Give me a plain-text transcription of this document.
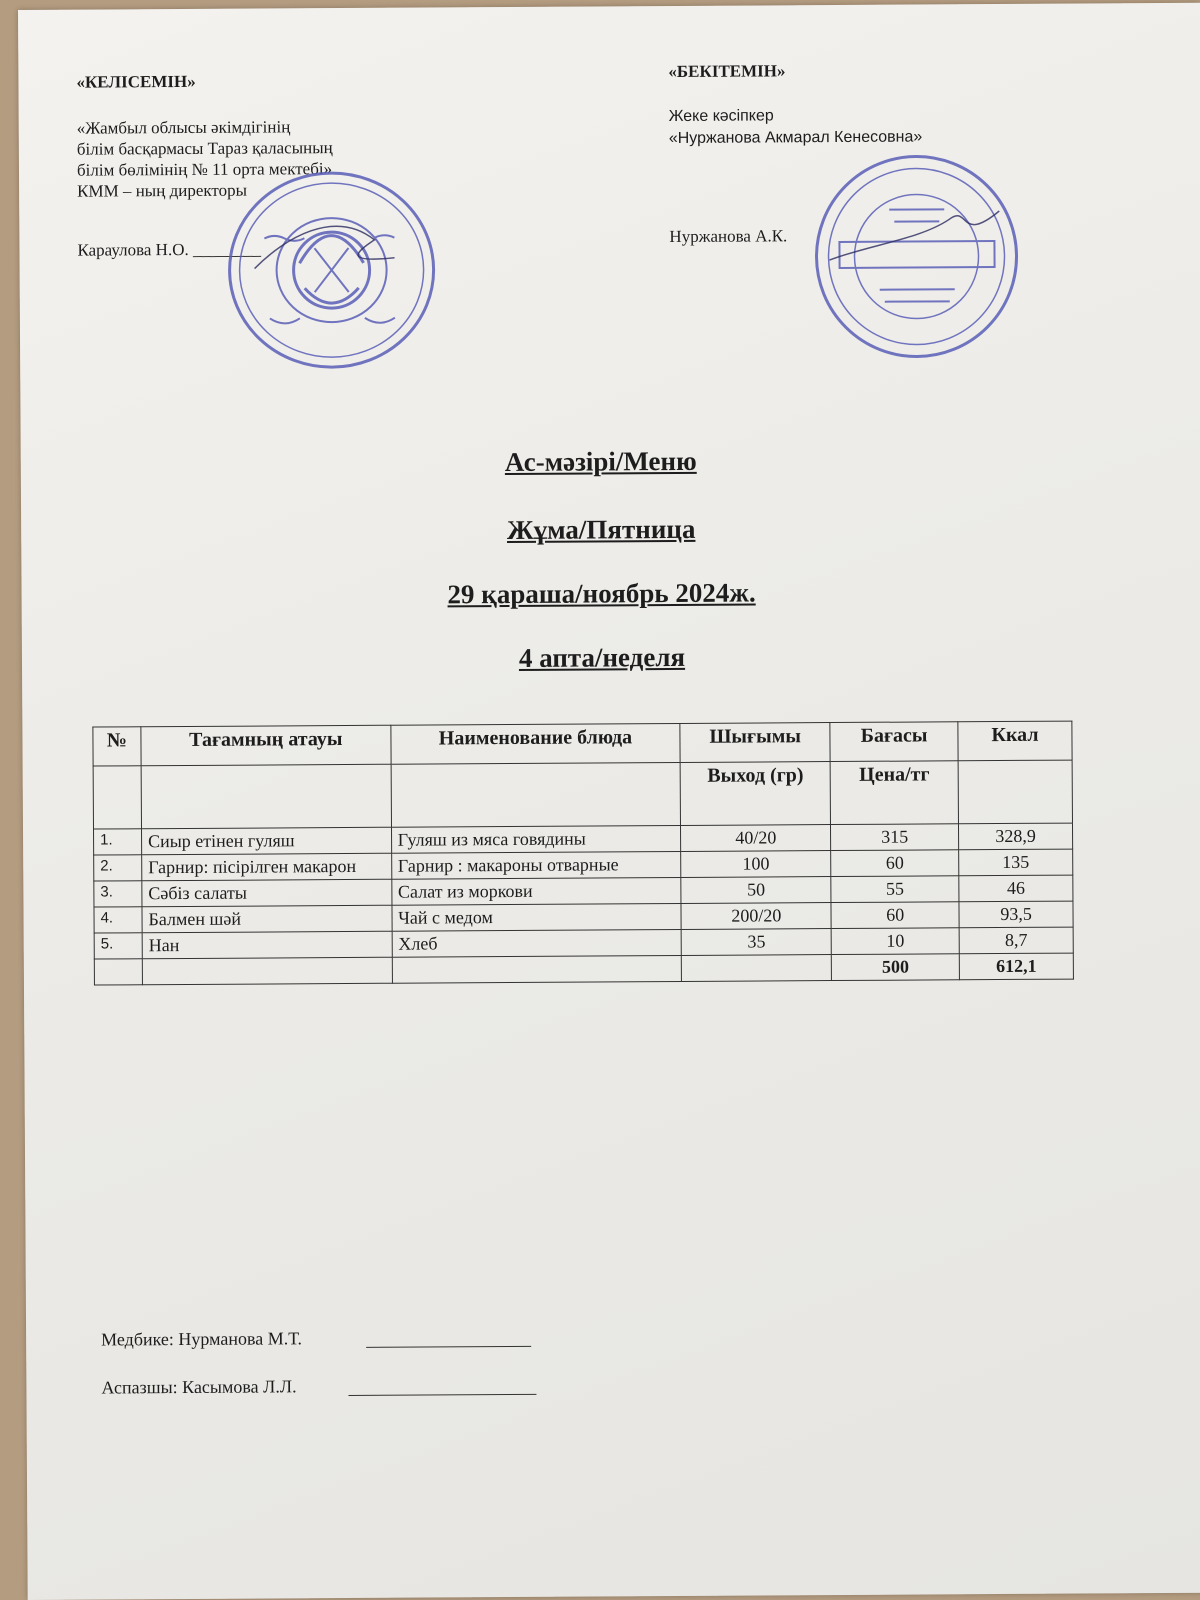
«КЕЛІСЕМІН»
«Жамбыл облысы әкімдігінің
білім басқармасы Тараз қаласының
білім бөлімінің № 11 орта мектебі»
КММ – ның директоры
Караулова Н.О. ________
«БЕКІТЕМІН»
Жеке кәсіпкер
«Нуржанова Акмарал Кенесовна»
Нуржанова А.К.
Ас-мәзірі/Меню
Жұма/Пятница
29 қараша/ноябрь 2024ж.
4 апта/неделя
№	Тағамның атауы	Наименование блюда	Шығымы	Бағасы	Ккал
			Выход (гр)	Цена/тг	
1.	Сиыр етінен гуляш	Гуляш из мяса говядины	40/20	315	328,9
2.	Гарнир: пісірілген макарон	Гарнир : макароны отварные	100	60	135
3.	Сәбіз салаты	Салат из моркови	50	55	46
4.	Балмен шәй	Чай с медом	200/20	60	93,5
5.	Нан	Хлеб	35	10	8,7
				500	612,1
Медбике: Нурманова М.Т.
Аспазшы: Касымова Л.Л.
